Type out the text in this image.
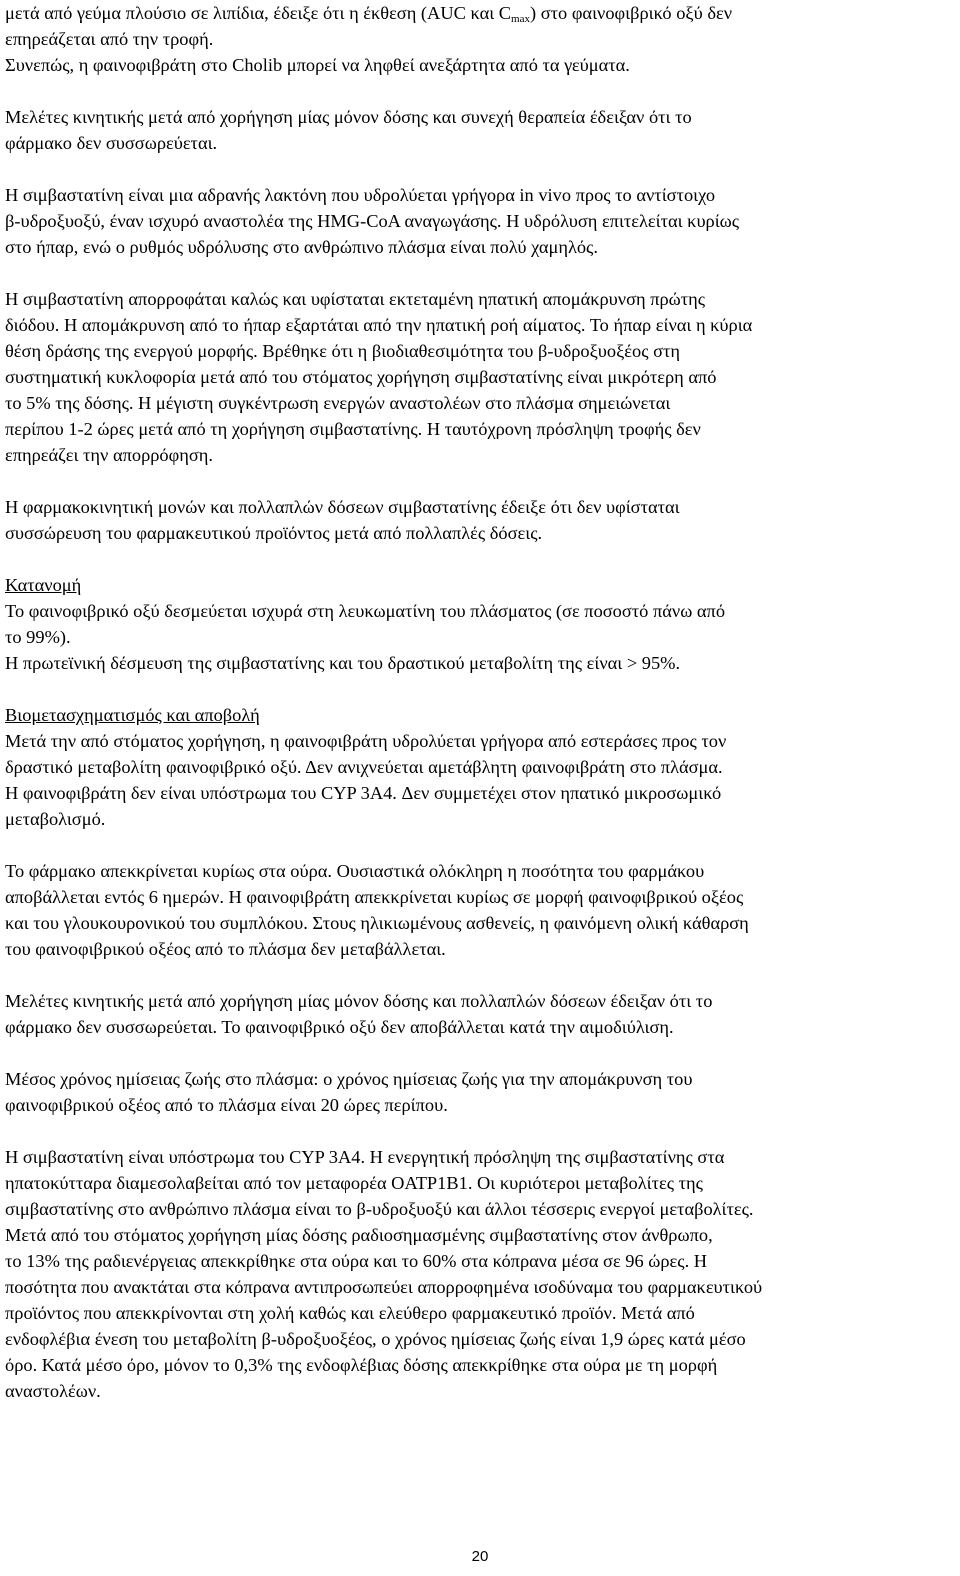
μετά από γεύμα πλούσιο σε λιπίδια, έδειξε ότι η έκθεση (AUC και $C_{max}$) στο φαινοφιβρικό οξύ δεν
επηρεάζεται από την τροφή.
Συνεπώς, η φαινοφιβράτη στο Cholib μπορεί να ληφθεί ανεξάρτητα από τα γεύματα.

Μελέτες κινητικής μετά από χορήγηση μίας μόνον δόσης και συνεχή θεραπεία έδειξαν ότι το
φάρμακο δεν συσσωρεύεται.

Η σιμβαστατίνη είναι μια αδρανής λακτόνη που υδρολύεται γρήγορα in vivo προς το αντίστοιχο
β-υδροξυοξύ, έναν ισχυρό αναστολέα της HMG-CoA αναγωγάσης. Η υδρόλυση επιτελείται κυρίως
στο ήπαρ, ενώ ο ρυθμός υδρόλυσης στο ανθρώπινο πλάσμα είναι πολύ χαμηλός.

Η σιμβαστατίνη απορροφάται καλώς και υφίσταται εκτεταμένη ηπατική απομάκρυνση πρώτης
διόδου. Η απομάκρυνση από το ήπαρ εξαρτάται από την ηπατική ροή αίματος. Το ήπαρ είναι η κύρια
θέση δράσης της ενεργού μορφής. Βρέθηκε ότι η βιοδιαθεσιμότητα του β-υδροξυοξέος στη
συστηματική κυκλοφορία μετά από του στόματος χορήγηση σιμβαστατίνης είναι μικρότερη από
το 5% της δόσης. Η μέγιστη συγκέντρωση ενεργών αναστολέων στο πλάσμα σημειώνεται
περίπου 1-2 ώρες μετά από τη χορήγηση σιμβαστατίνης. Η ταυτόχρονη πρόσληψη τροφής δεν
επηρεάζει την απορρόφηση.

Η φαρμακοκινητική μονών και πολλαπλών δόσεων σιμβαστατίνης έδειξε ότι δεν υφίσταται
συσσώρευση του φαρμακευτικού προϊόντος μετά από πολλαπλές δόσεις.

Κατανομή
Το φαινοφιβρικό οξύ δεσμεύεται ισχυρά στη λευκωματίνη του πλάσματος (σε ποσοστό πάνω από
το 99%).
Η πρωτεϊνική δέσμευση της σιμβαστατίνης και του δραστικού μεταβολίτη της είναι > 95%.

Βιομετασχηματισμός και αποβολή
Μετά την από στόματος χορήγηση, η φαινοφιβράτη υδρολύεται γρήγορα από εστεράσες προς τον
δραστικό μεταβολίτη φαινοφιβρικό οξύ. Δεν ανιχνεύεται αμετάβλητη φαινοφιβράτη στο πλάσμα.
Η φαινοφιβράτη δεν είναι υπόστρωμα του CYP 3A4. Δεν συμμετέχει στον ηπατικό μικροσωμικό
μεταβολισμό.

Το φάρμακο απεκκρίνεται κυρίως στα ούρα. Ουσιαστικά ολόκληρη η ποσότητα του φαρμάκου
αποβάλλεται εντός 6 ημερών. Η φαινοφιβράτη απεκκρίνεται κυρίως σε μορφή φαινοφιβρικού οξέος
και του γλουκουρονικού του συμπλόκου. Στους ηλικιωμένους ασθενείς, η φαινόμενη ολική κάθαρση
του φαινοφιβρικού οξέος από το πλάσμα δεν μεταβάλλεται.

Μελέτες κινητικής μετά από χορήγηση μίας μόνον δόσης και πολλαπλών δόσεων έδειξαν ότι το
φάρμακο δεν συσσωρεύεται. Το φαινοφιβρικό οξύ δεν αποβάλλεται κατά την αιμοδιύλιση.

Μέσος χρόνος ημίσειας ζωής στο πλάσμα: ο χρόνος ημίσειας ζωής για την απομάκρυνση του
φαινοφιβρικού οξέος από το πλάσμα είναι 20 ώρες περίπου.

Η σιμβαστατίνη είναι υπόστρωμα του CYP 3A4. Η ενεργητική πρόσληψη της σιμβαστατίνης στα
ηπατοκύτταρα διαμεσολαβείται από τον μεταφορέα OATP1B1. Οι κυριότεροι μεταβολίτες της
σιμβαστατίνης στο ανθρώπινο πλάσμα είναι το β-υδροξυοξύ και άλλοι τέσσερις ενεργοί μεταβολίτες.
Μετά από του στόματος χορήγηση μίας δόσης ραδιοσημασμένης σιμβαστατίνης στον άνθρωπο,
το 13% της ραδιενέργειας απεκκρίθηκε στα ούρα και το 60% στα κόπρανα μέσα σε 96 ώρες. Η
ποσότητα που ανακτάται στα κόπρανα αντιπροσωπεύει απορροφημένα ισοδύναμα του φαρμακευτικού
προϊόντος που απεκκρίνονται στη χολή καθώς και ελεύθερο φαρμακευτικό προϊόν. Μετά από
ενδοφλέβια ένεση του μεταβολίτη β-υδροξυοξέος, ο χρόνος ημίσειας ζωής είναι 1,9 ώρες κατά μέσο
όρο. Κατά μέσο όρο, μόνον το 0,3% της ενδοφλέβιας δόσης απεκκρίθηκε στα ούρα με τη μορφή
αναστολέων.

20
